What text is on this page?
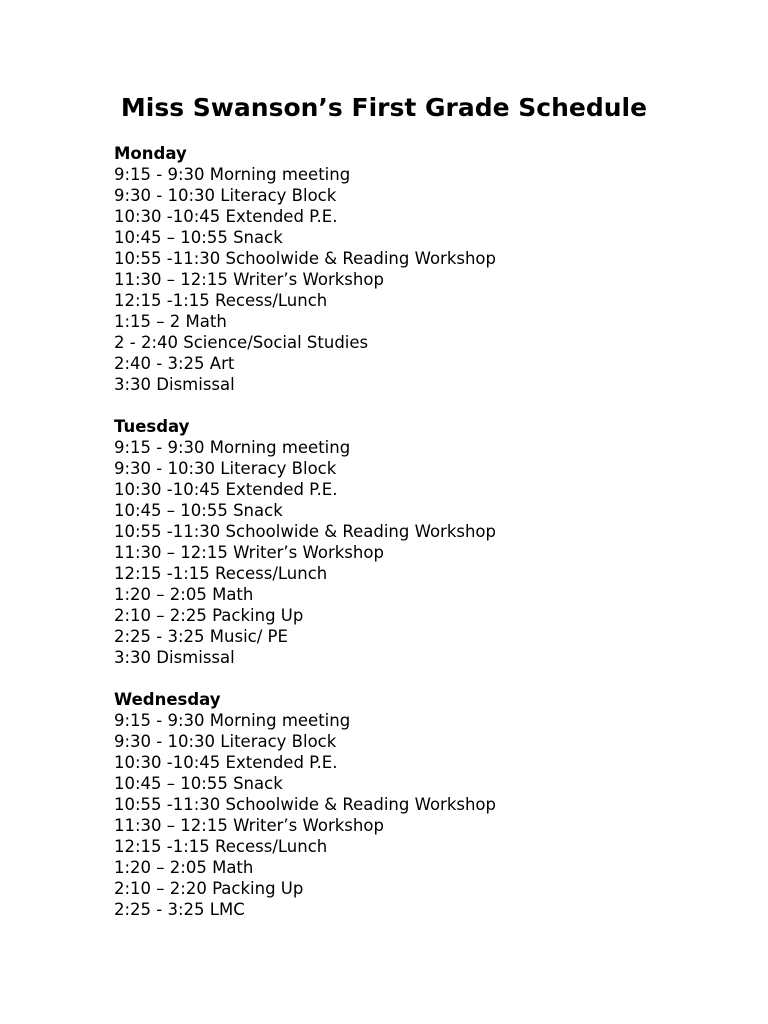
Miss Swanson’s First Grade Schedule
Monday
9:15 - 9:30 Morning meeting
9:30 - 10:30 Literacy Block
10:30 -10:45 Extended P.E.
10:45 – 10:55 Snack
10:55 -11:30 Schoolwide & Reading Workshop
11:30 – 12:15 Writer’s Workshop
12:15 -1:15 Recess/Lunch
1:15 – 2 Math
2 - 2:40 Science/Social Studies
2:40 - 3:25 Art
3:30 Dismissal
Tuesday
9:15 - 9:30 Morning meeting
9:30 - 10:30 Literacy Block
10:30 -10:45 Extended P.E.
10:45 – 10:55 Snack
10:55 -11:30 Schoolwide & Reading Workshop
11:30 – 12:15 Writer’s Workshop
12:15 -1:15 Recess/Lunch
1:20 – 2:05 Math
2:10 – 2:25 Packing Up
2:25 - 3:25 Music/ PE
3:30 Dismissal
Wednesday
9:15 - 9:30 Morning meeting
9:30 - 10:30 Literacy Block
10:30 -10:45 Extended P.E.
10:45 – 10:55 Snack
10:55 -11:30 Schoolwide & Reading Workshop
11:30 – 12:15 Writer’s Workshop
12:15 -1:15 Recess/Lunch
1:20 – 2:05 Math
2:10 – 2:20 Packing Up
2:25 - 3:25 LMC
